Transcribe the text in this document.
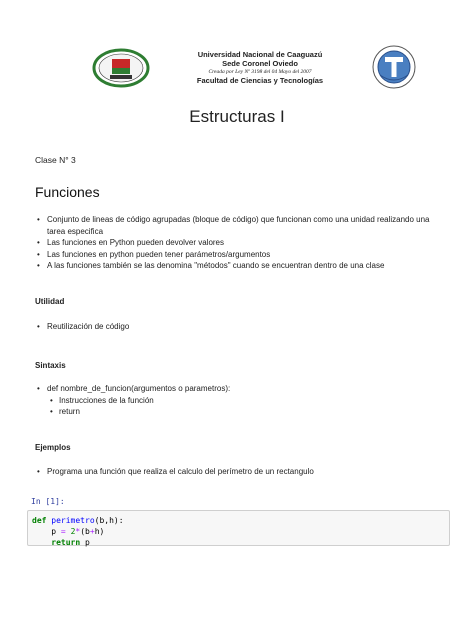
Universidad Nacional de Caaguazú
Sede Coronel Oviedo
Creada por Ley Nº 3198 del 04 Mayo del 2007
Facultad de Ciencias y Tecnologías
Estructuras I
Clase N° 3
Funciones
• Conjunto de lineas de código agrupadas (bloque de código) que funcionan como una unidad realizando una tarea especifica
• Las funciones en Python pueden devolver valores
• Las funciones en python pueden tener parámetros/argumentos
• A las funciones también se las denomina "métodos" cuando se encuentran dentro de una clase
Utilidad
• Reutilización de código
Sintaxis
• def nombre_de_funcion(argumentos o parametros):
• Instrucciones de la función
• return
Ejemplos
• Programa una función que realiza el calculo del perímetro de un rectangulo
In [1]:
def perimetro(b,h):
p = 2*(b+h)
return p
